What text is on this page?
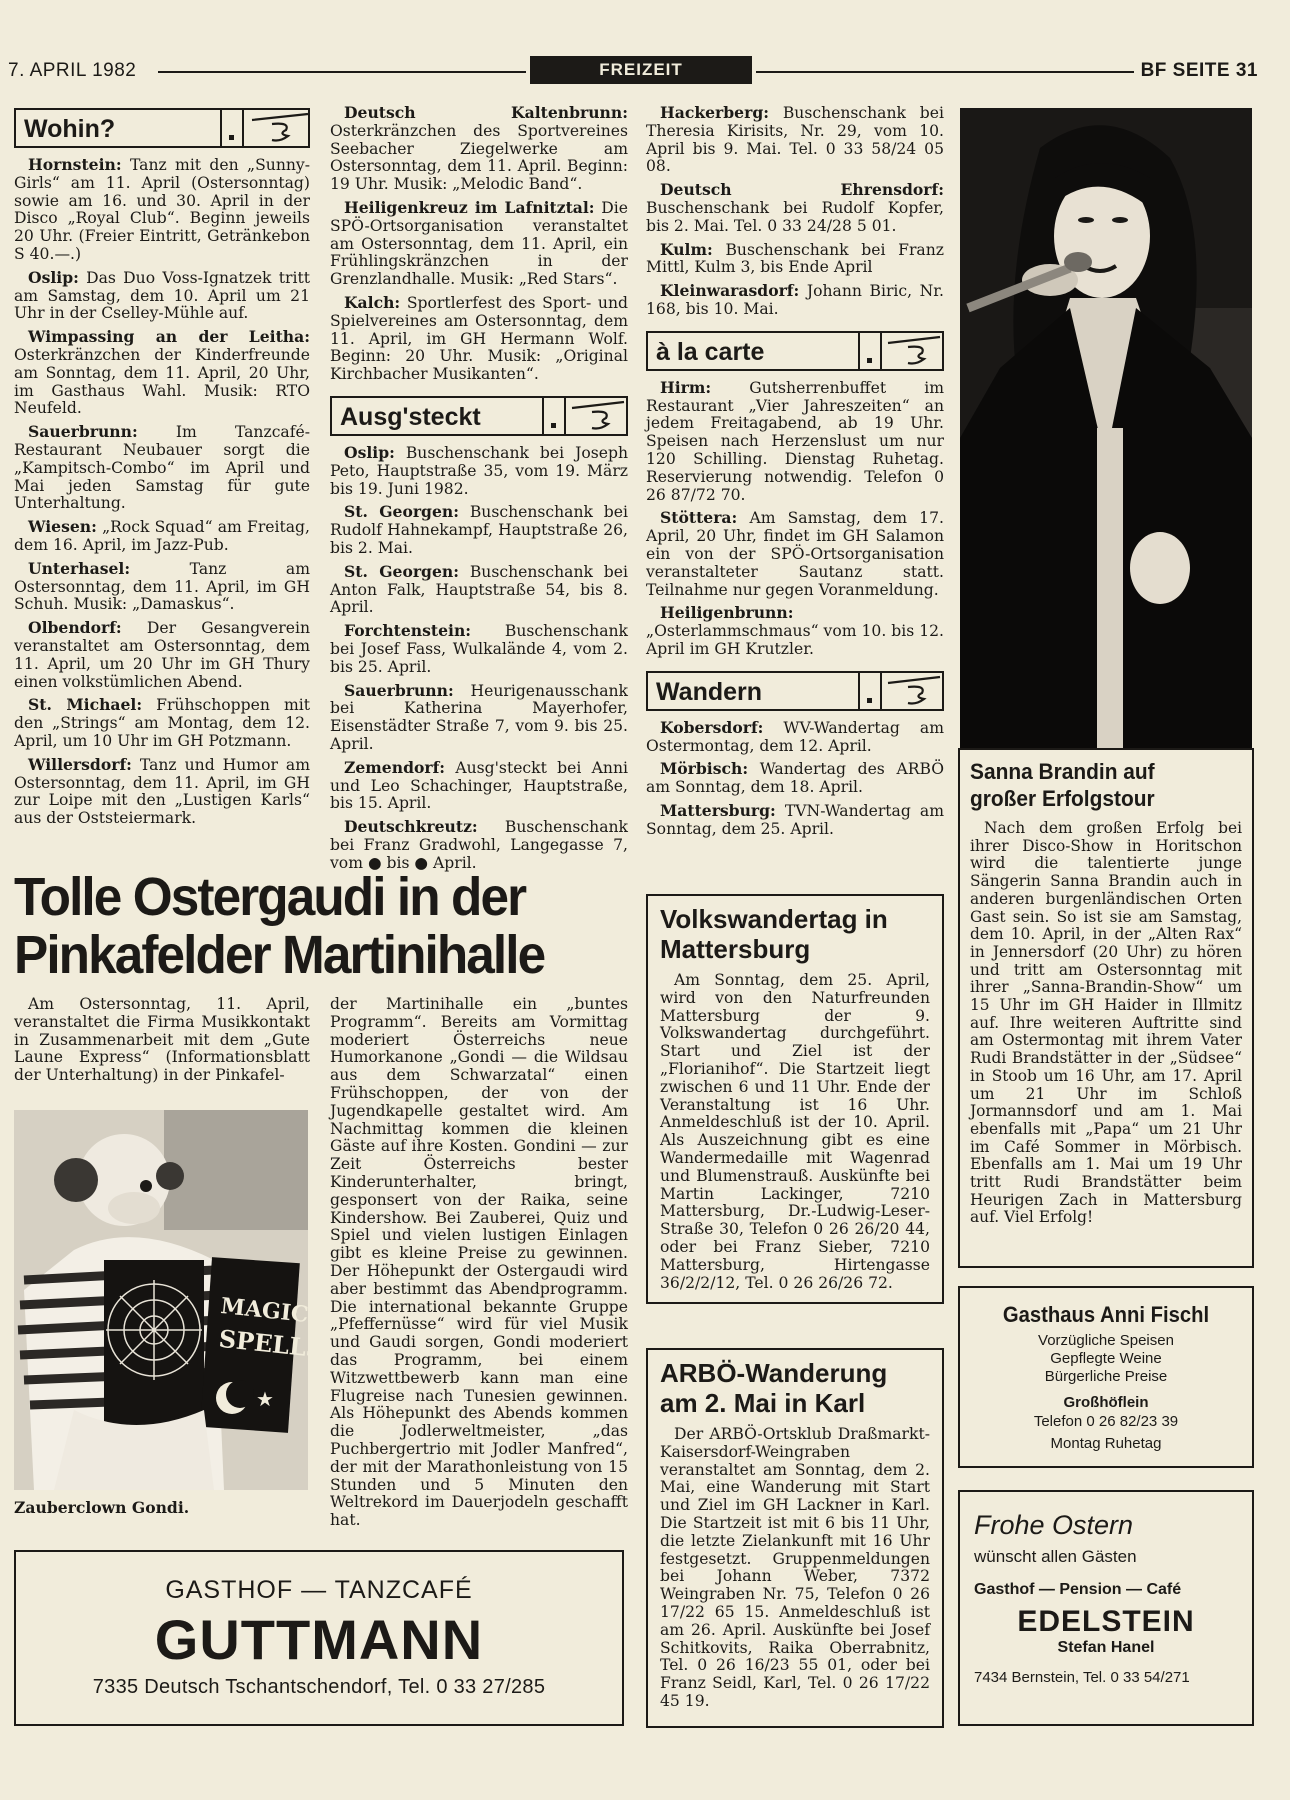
7. APRIL 1982	FREIZEIT	BF SEITE 31
Wohin?

Hornstein: Tanz mit den „Sunny-Girls“ am 11. April (Ostersonntag) sowie am 16. und 30. April in der Disco „Royal Club“. Beginn jeweils 20 Uhr. (Freier Eintritt, Getränkebon S 40.—.)

Oslip: Das Duo Voss-Ignatzek tritt am Samstag, dem 10. April um 21 Uhr in der Cselley-Mühle auf.

Wimpassing an der Leitha: Osterkränzchen der Kinderfreunde am Sonntag, dem 11. April, 20 Uhr, im Gasthaus Wahl. Musik: RTO Neufeld.

Sauerbrunn: Im Tanzcafé-Restaurant Neubauer sorgt die „Kampitsch-Combo“ im April und Mai jeden Samstag für gute Unterhaltung.

Wiesen: „Rock Squad“ am Freitag, dem 16. April, im Jazz-Pub.

Unterhasel:	Tanz am Ostersonntag, dem 11. April, im GH Schuh. Musik: „Damaskus“.

Olbendorf: Der Gesangverein veranstaltet am Ostersonntag, dem 11. April, um 20 Uhr im GH Thury einen volkstümlichen Abend.

St. Michael: Frühschoppen mit den „Strings“ am Montag, dem 12. April, um 10 Uhr im GH Potzmann.

Willersdorf: Tanz und Humor am Ostersonntag, dem 11. April, im GH zur Loipe mit den „Lustigen Karls“ aus der Oststeiermark.

Deutsch Kaltenbrunn: Osterkränzchen des Sportvereines Seebacher Ziegelwerke am Ostersonntag, dem 11. April. Beginn: 19 Uhr. Musik: „Melodic Band“.

Heiligenkreuz im Lafnitztal: Die SPÖ-Ortsorganisation veranstaltet am Ostersonntag, dem 11. April, ein Frühlingskränzchen in der Grenzlandhalle. Musik: „Red Stars“.

Kalch: Sportlerfest des Sport- und Spielvereines am Ostersonntag, dem 11. April, im GH Hermann Wolf. Beginn: 20 Uhr. Musik: „Original Kirchbacher Musikanten“.

Ausg'steckt

Oslip: Buschenschank bei Joseph Peto, Hauptstraße 35, vom 19. März bis 19. Juni 1982.

St. Georgen: Buschenschank bei Rudolf Hahnekampf, Hauptstraße 26, bis 2. Mai.

St. Georgen: Buschenschank bei Anton Falk, Hauptstraße 54, bis 8. April.

Forchtenstein: Buschenschank bei Josef Fass, Wulkalände 4, vom 2. bis 25. April.

Sauerbrunn: Heurigenausschank bei Katherina Mayerhofer, Eisenstädter Straße 7, vom 9. bis 25. April.

Zemendorf: Ausg'steckt bei Anni und Leo Schachinger, Hauptstraße, bis 15. April.

Deutschkreutz: Buschenschank bei Franz Gradwohl, Langegasse 7, vom ● bis ● April.

Hackerberg: Buschenschank bei Theresia Kirisits, Nr. 29, vom 10. April bis 9. Mai. Tel. 0 33 58/24 05 08.

Deutsch Ehrensdorf: Buschenschank bei Rudolf Kopfer, bis 2. Mai. Tel. 0 33 24/28 5 01.

Kulm: Buschenschank bei Franz Mittl, Kulm 3, bis Ende April

Kleinwarasdorf: Johann Biric, Nr. 168, bis 10. Mai.

à la carte

Hirm: Gutsherrenbuffet im Restaurant „Vier Jahreszeiten“ an jedem Freitagabend, ab 19 Uhr. Speisen nach Herzenslust um nur 120 Schilling. Dienstag Ruhetag. Reservierung notwendig. Telefon 0 26 87/72 70.

Stöttera: Am Samstag, dem 17. April, 20 Uhr, findet im GH Salamon ein von der SPÖ-Ortsorganisation veranstalteter Sautanz statt. Teilnahme nur gegen Voranmeldung.

Heiligenbrunn: „Osterlammschmaus“ vom 10. bis 12. April im GH Krutzler.

Wandern

Kobersdorf: WV-Wandertag am Ostermontag, dem 12. April.

Mörbisch: Wandertag des ARBÖ am Sonntag, dem 18. April.

Mattersburg: TVN-Wandertag am Sonntag, dem 25. April.

Sanna Brandin auf
großer Erfolgstour

Nach dem großen Erfolg bei ihrer Disco-Show in Horitschon wird die talentierte junge Sängerin Sanna Brandin auch in anderen burgenländischen Orten Gast sein. So ist sie am Samstag, dem 10. April, in der „Alten Rax“ in Jennersdorf (20 Uhr) zu hören und tritt am Ostersonntag mit ihrer „Sanna-Brandin-Show“ um 15 Uhr im GH Haider in Illmitz auf. Ihre weiteren Auftritte sind am Ostermontag mit ihrem Vater Rudi Brandstätter in der „Südsee“ in Stoob um 16 Uhr, am 17. April um 21 Uhr im Schloß Jormannsdorf und am 1. Mai ebenfalls mit „Papa“ um 21 Uhr im Café Sommer in Mörbisch. Ebenfalls am 1. Mai um 19 Uhr tritt Rudi Brandstätter beim Heurigen Zach in Mattersburg auf. Viel Erfolg!

Tolle Ostergaudi in der
Pinkafelder Martinihalle

Am Ostersonntag, 11. April, veranstaltet die Firma Musikkontakt in Zusammenarbeit mit dem „Gute Laune Express“ (Informationsblatt der Unterhaltung) in der Pinkafel-

MAGIC
SPELLS
★
Zauberclown Gondi.

der Martinihalle ein „buntes Programm“. Bereits am Vormittag moderiert Österreichs neue Humorkanone „Gondi — die Wildsau aus dem Schwarzatal“ einen Frühschoppen, der von der Jugendkapelle gestaltet wird. Am Nachmittag kommen die kleinen Gäste auf ihre Kosten. Gondini — zur Zeit Österreichs bester Kinderunterhalter, bringt, gesponsert von der Raika, seine Kindershow. Bei Zauberei, Quiz und Spiel und vielen lustigen Einlagen gibt es kleine Preise zu gewinnen. Der Höhepunkt der Ostergaudi wird aber bestimmt das Abendprogramm. Die international bekannte Gruppe „Pfeffernüsse“ wird für viel Musik und Gaudi sorgen, Gondi moderiert das Programm, bei einem Witzwettbewerb kann man eine Flugreise nach Tunesien gewinnen. Als Höhepunkt des Abends kommen die Jodlerweltmeister, „das Puchbergertrio mit Jodler Manfred“, der mit der Marathonleistung von 15 Stunden und 5 Minuten den Weltrekord im Dauerjodeln geschafft hat.

Volkswandertag in
Mattersburg

Am Sonntag, dem 25. April, wird von den Naturfreunden Mattersburg der 9. Volkswandertag durchgeführt. Start und Ziel ist der „Florianihof“. Die Startzeit liegt zwischen 6 und 11 Uhr. Ende der Veranstaltung ist 16 Uhr. Anmeldeschluß ist der 10. April. Als Auszeichnung gibt es eine Wandermedaille mit Wagenrad und Blumenstrauß. Auskünfte bei Martin Lackinger, 7210 Mattersburg, Dr.-Ludwig-Leser-Straße 30, Telefon 0 26 26/20 44, oder bei Franz Sieber, 7210 Mattersburg, Hirtengasse 36/2/2/12, Tel. 0 26 26/26 72.

ARBÖ-Wanderung
am 2. Mai in Karl

Der ARBÖ-Ortsklub Draßmarkt-Kaisersdorf-Weingraben veranstaltet am Sonntag, dem 2. Mai, eine Wanderung mit Start und Ziel im GH Lackner in Karl. Die Startzeit ist mit 6 bis 11 Uhr, die letzte Zielankunft mit 16 Uhr festgesetzt. Gruppenmeldungen bei Johann Weber, 7372 Weingraben Nr. 75, Telefon 0 26 17/22 65 15. Anmeldeschluß ist am 26. April. Auskünfte bei Josef Schitkovits, Raika Oberrabnitz, Tel. 0 26 16/23 55 01, oder bei Franz Seidl, Karl, Tel. 0 26 17/22 45 19.

GASTHOF — TANZCAFÉ
GUTTMANN
7335 Deutsch Tschantschendorf, Tel. 0 33 27/285
Gasthaus Anni Fischl
Vorzügliche Speisen
Gepflegte Weine
Bürgerliche Preise
Großhöflein
Telefon 0 26 82/23 39
Montag Ruhetag
Frohe Ostern
wünscht allen Gästen
Gasthof — Pension — Café
EDELSTEIN
Stefan Hanel
7434 Bernstein, Tel. 0 33 54/271
